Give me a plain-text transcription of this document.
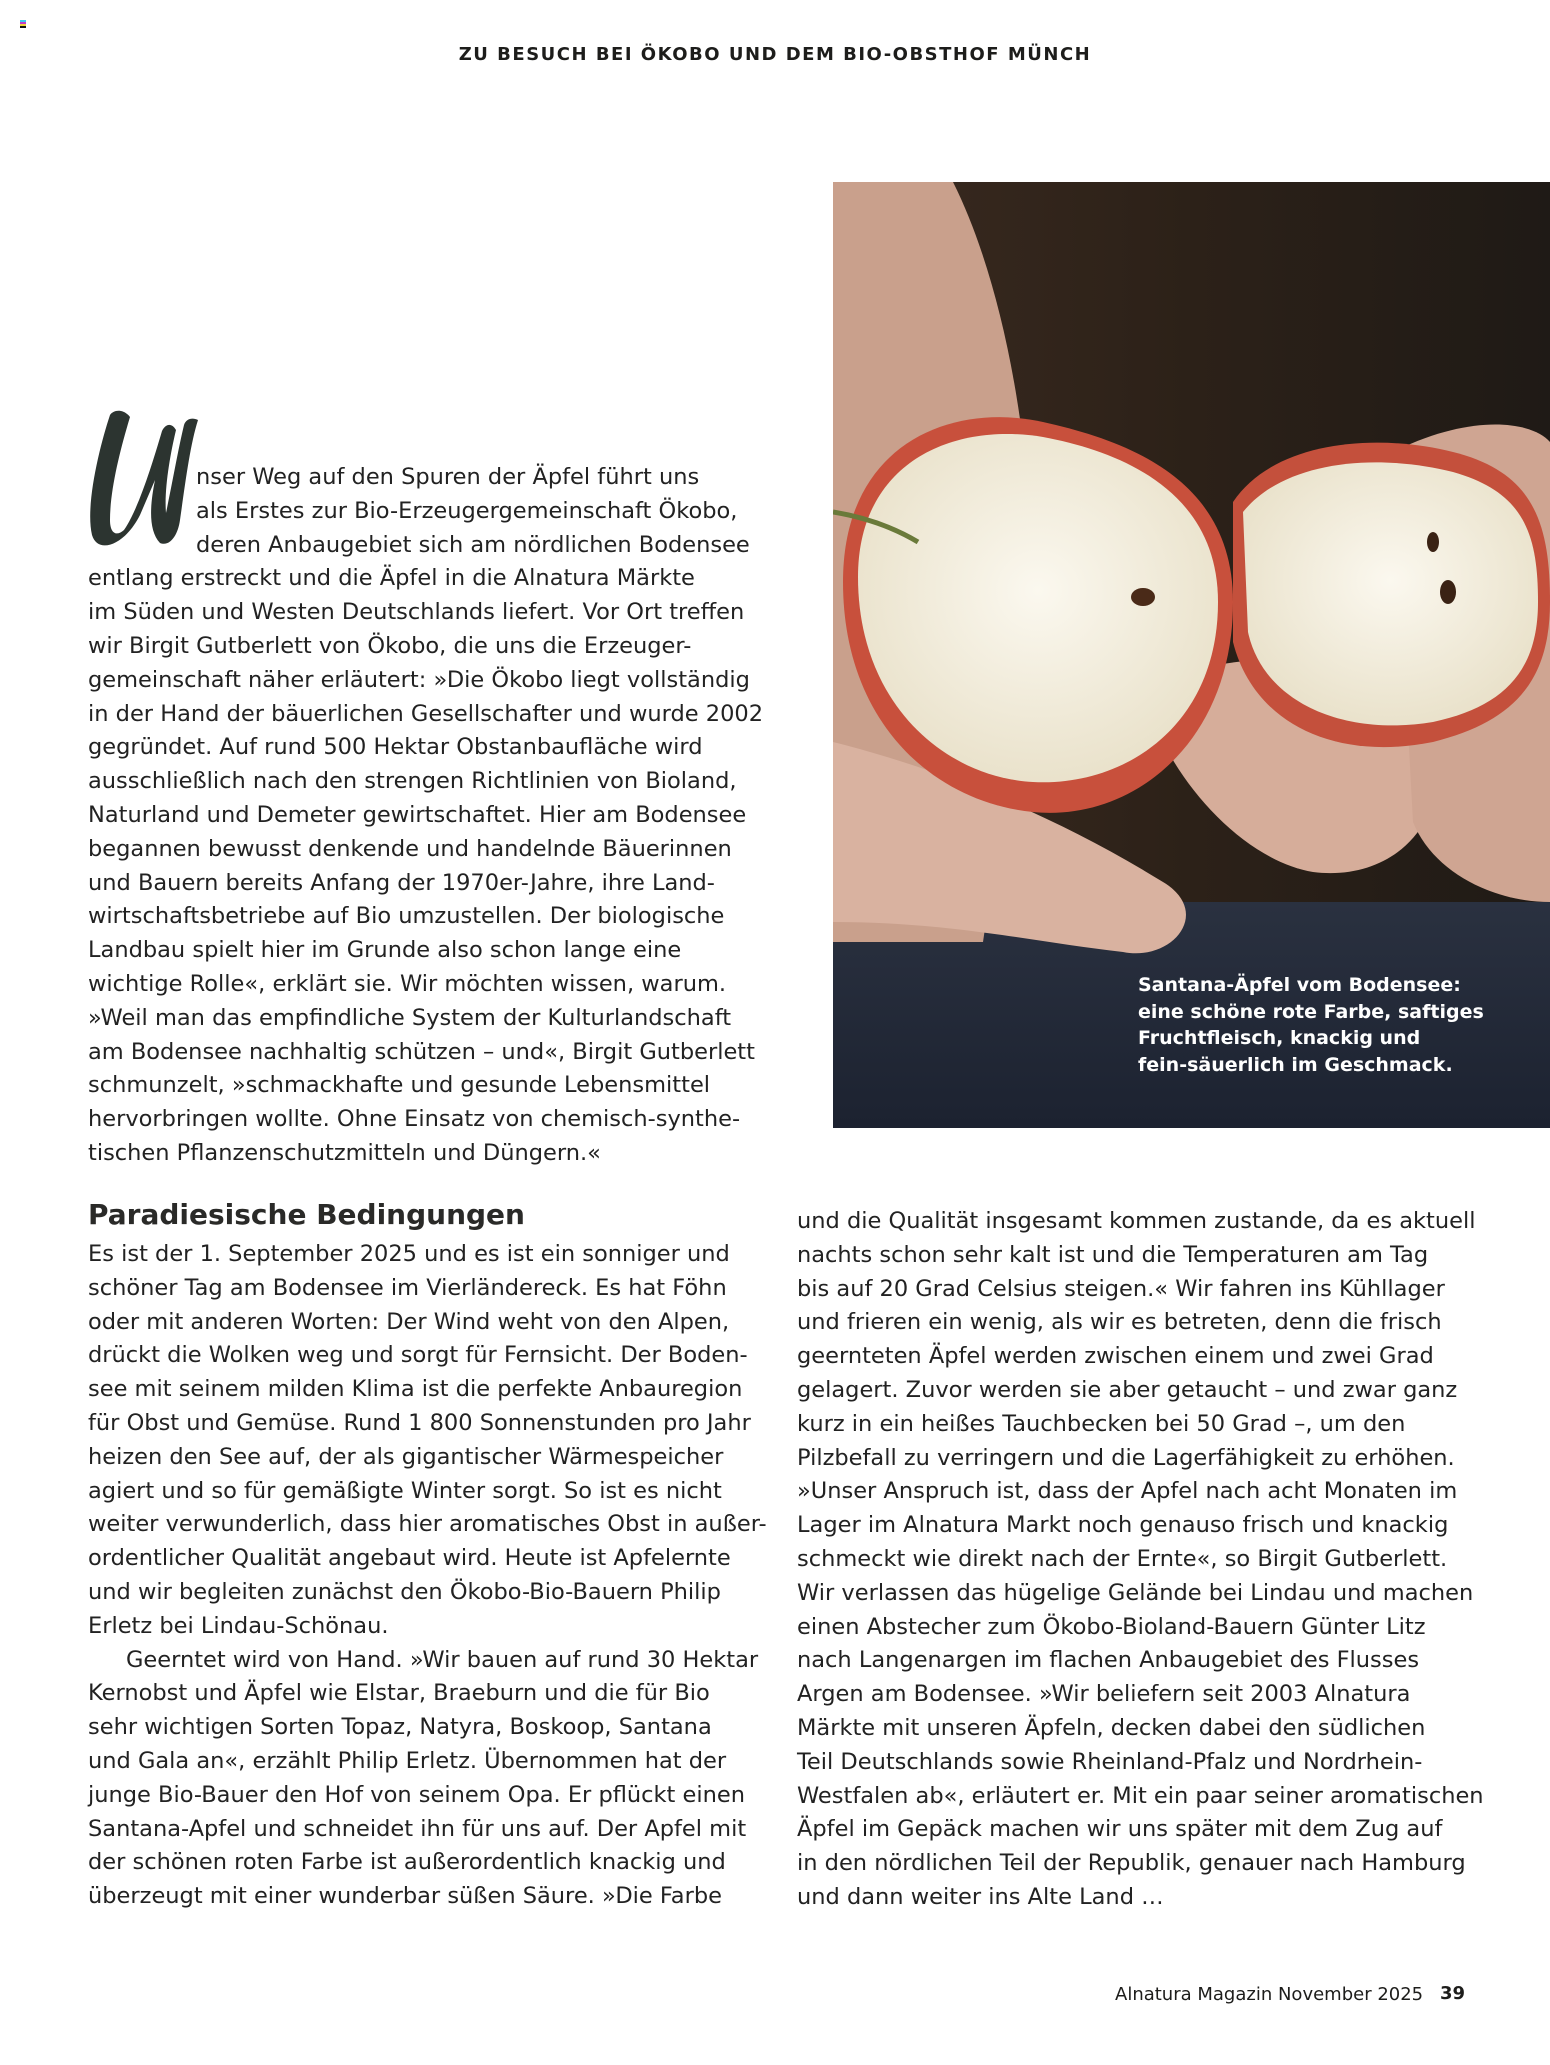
ZU BESUCH BEI ÖKOBO UND DEM BIO-OBSTHOF MÜNCH
nser Weg auf den Spuren der Äpfel führt uns
als Erstes zur Bio-Erzeugergemeinschaft Ökobo,
deren Anbaugebiet sich am nördlichen Bodensee
entlang erstreckt und die Äpfel in die Alnatura Märkte
im Süden und Westen Deutschlands liefert. Vor Ort treffen
wir Birgit Gutberlett von Ökobo, die uns die Erzeuger-
gemeinschaft näher erläutert: »Die Ökobo liegt vollständig
in der Hand der bäuerlichen Gesellschafter und wurde 2002
gegründet. Auf rund 500 Hektar Obstanbaufläche wird
ausschließlich nach den strengen Richtlinien von Bioland,
Naturland und Demeter gewirtschaftet. Hier am Bodensee
begannen bewusst denkende und handelnde Bäuerinnen
und Bauern bereits Anfang der 1970er-Jahre, ihre Land-
wirtschaftsbetriebe auf Bio umzustellen. Der biologische
Landbau spielt hier im Grunde also schon lange eine
wichtige Rolle«, erklärt sie. Wir möchten wissen, warum.
»Weil man das empfindliche System der Kulturlandschaft
am Bodensee nachhaltig schützen – und«, Birgit Gutberlett
schmunzelt, »schmackhafte und gesunde Lebensmittel
hervorbringen wollte. Ohne Einsatz von chemisch-synthe-
tischen Pflanzenschutzmitteln und Düngern.«
Paradiesische Bedingungen
Es ist der 1. September 2025 und es ist ein sonniger und
schöner Tag am Bodensee im Vierländereck. Es hat Föhn
oder mit anderen Worten: Der Wind weht von den Alpen,
drückt die Wolken weg und sorgt für Fernsicht. Der Boden-
see mit seinem milden Klima ist die perfekte Anbauregion
für Obst und Gemüse. Rund 1 800 Sonnenstunden pro Jahr
heizen den See auf, der als gigantischer Wärmespeicher
agiert und so für gemäßigte Winter sorgt. So ist es nicht
weiter verwunderlich, dass hier aromatisches Obst in außer-
ordentlicher Qualität angebaut wird. Heute ist Apfelernte
und wir begleiten zunächst den Ökobo-Bio-Bauern Philip
Erletz bei Lindau-Schönau.
Geerntet wird von Hand. »Wir bauen auf rund 30 Hektar
Kernobst und Äpfel wie Elstar, Braeburn und die für Bio
sehr wichtigen Sorten Topaz, Natyra, Boskoop, Santana
und Gala an«, erzählt Philip Erletz. Übernommen hat der
junge Bio-Bauer den Hof von seinem Opa. Er pflückt einen
Santana-Apfel und schneidet ihn für uns auf. Der Apfel mit
der schönen roten Farbe ist außerordentlich knackig und
überzeugt mit einer wunderbar süßen Säure. »Die Farbe
und die Qualität insgesamt kommen zustande, da es aktuell
nachts schon sehr kalt ist und die Temperaturen am Tag
bis auf 20 Grad Celsius steigen.« Wir fahren ins Kühllager
und frieren ein wenig, als wir es betreten, denn die frisch
geernteten Äpfel werden zwischen einem und zwei Grad
gelagert. Zuvor werden sie aber getaucht – und zwar ganz
kurz in ein heißes Tauchbecken bei 50 Grad –, um den
Pilzbefall zu verringern und die Lagerfähigkeit zu erhöhen.
»Unser Anspruch ist, dass der Apfel nach acht Monaten im
Lager im Alnatura Markt noch genauso frisch und knackig
schmeckt wie direkt nach der Ernte«, so Birgit Gutberlett.
Wir verlassen das hügelige Gelände bei Lindau und machen
einen Abstecher zum Ökobo-Bioland-Bauern Günter Litz
nach Langenargen im flachen Anbaugebiet des Flusses
Argen am Bodensee. »Wir beliefern seit 2003 Alnatura
Märkte mit unseren Äpfeln, decken dabei den südlichen
Teil Deutschlands sowie Rheinland-Pfalz und Nordrhein-
Westfalen ab«, erläutert er. Mit ein paar seiner aromatischen
Äpfel im Gepäck machen wir uns später mit dem Zug auf
in den nördlichen Teil der Republik, genauer nach Hamburg
und dann weiter ins Alte Land …
Santana-Äpfel vom Bodensee:
eine schöne rote Farbe, saftiges
Fruchtfleisch, knackig und
fein-säuerlich im Geschmack.
Alnatura Magazin November 2025 39
